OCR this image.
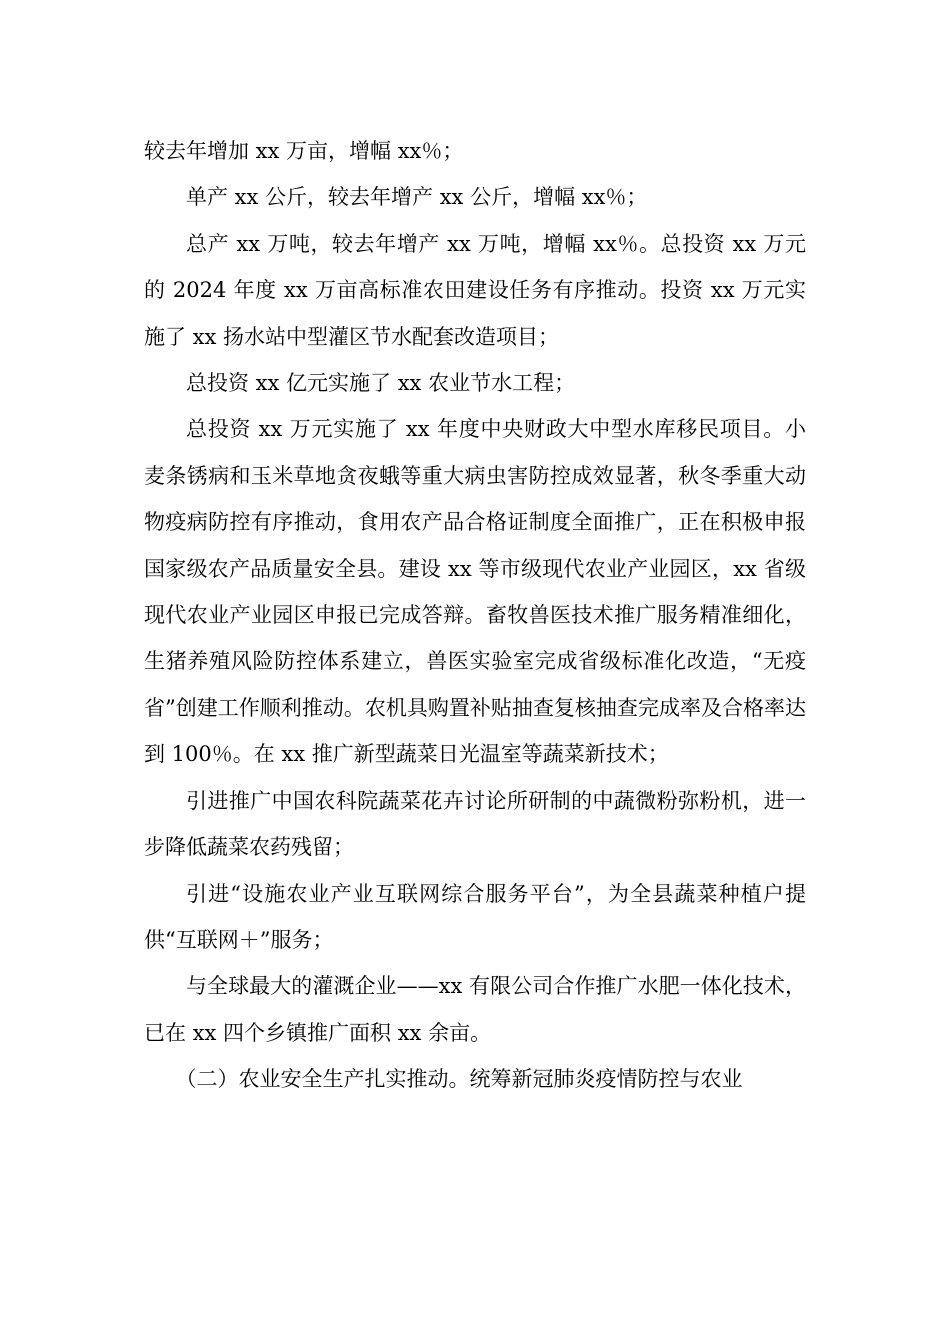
较去年增加 xx 万亩，增幅 xx％；

单产 xx 公斤，较去年增产 xx 公斤，增幅 xx％；

总产 xx 万吨，较去年增产 xx 万吨，增幅 xx％。总投资 xx 万元的 2024 年度 xx 万亩高标准农田建设任务有序推动。投资 xx 万元实施了 xx 扬水站中型灌区节水配套改造项目；

总投资 xx 亿元实施了 xx 农业节水工程；

总投资 xx 万元实施了 xx 年度中央财政大中型水库移民项目。小麦条锈病和玉米草地贪夜蛾等重大病虫害防控成效显著，秋冬季重大动物疫病防控有序推动，食用农产品合格证制度全面推广，正在积极申报国家级农产品质量安全县。建设 xx 等市级现代农业产业园区，xx 省级现代农业产业园区申报已完成答辩。畜牧兽医技术推广服务精准细化，生猪养殖风险防控体系建立，兽医实验室完成省级标准化改造，“无疫省”创建工作顺利推动。农机具购置补贴抽查复核抽查完成率及合格率达到 100％。在 xx 推广新型蔬菜日光温室等蔬菜新技术；

引进推广中国农科院蔬菜花卉讨论所研制的中蔬微粉弥粉机，进一步降低蔬菜农药残留；

引进“设施农业产业互联网综合服务平台”，为全县蔬菜种植户提供“互联网＋”服务；

与全球最大的灌溉企业——xx 有限公司合作推广水肥一体化技术，已在 xx 四个乡镇推广面积 xx 余亩。

（二）农业安全生产扎实推动。统筹新冠肺炎疫情防控与农业
